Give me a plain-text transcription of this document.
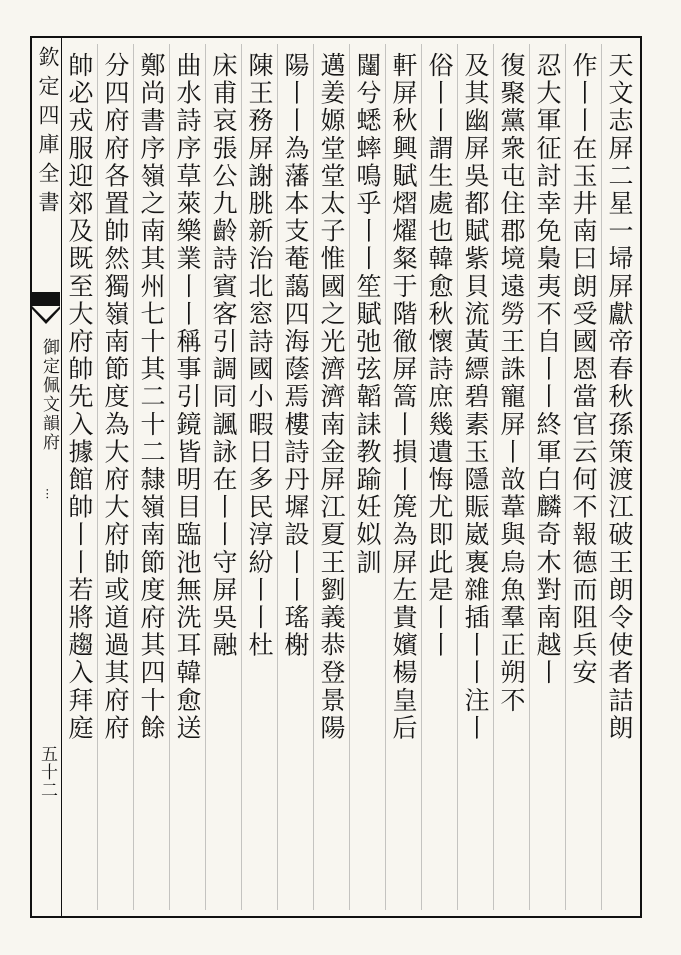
欽定四庫全書
御定佩文韻府
···
五十二
天文志屏二星一埽屏獻帝春秋孫策渡江破王朗令使者詰朗
作丨丨在玉井南曰朗受國恩當官云何不報德而阻兵安
忍大軍征討幸免梟夷不自丨丨終軍白麟奇木對南越丨
復聚黨衆屯住郡境遠勞王誅寵屏丨敨葦與烏魚羣正朔不
及其幽屏吳都賦紫貝流黃縹碧素玉隱賑崴褢雜插丨丨注丨
俗丨丨謂生處也韓愈秋懷詩庶幾遺悔尤即此是丨丨
軒屏秋興賦熠燿粲于階徹屏篙丨損丨箎為屏左貴嬪楊皇后
闥兮蟋蟀鳴乎丨丨笙賦弛弦韜誄教踰妊姒訓
邁姜嫄堂堂太子惟國之光濟濟南金屏江夏王劉義恭登景陽
陽丨丨為藩本支菴藹四海蔭焉樓詩丹墀設丨丨瑤榭
陳王務屏謝朓新治北窓詩國小暇日多民淳紛丨丨杜
床甫哀張公九齡詩賓客引調同諷詠在丨丨守屏吳融
曲水詩序草萊樂業丨丨稱事引鏡皆明目臨池無洗耳韓愈送
鄭尚書序嶺之南其州七十其二十二隸嶺南節度府其四十餘
分四府府各置帥然獨嶺南節度為大府大府帥或道過其府府
帥必戎服迎郊及既至大府帥先入據館帥丨丨若將趨入拜庭
